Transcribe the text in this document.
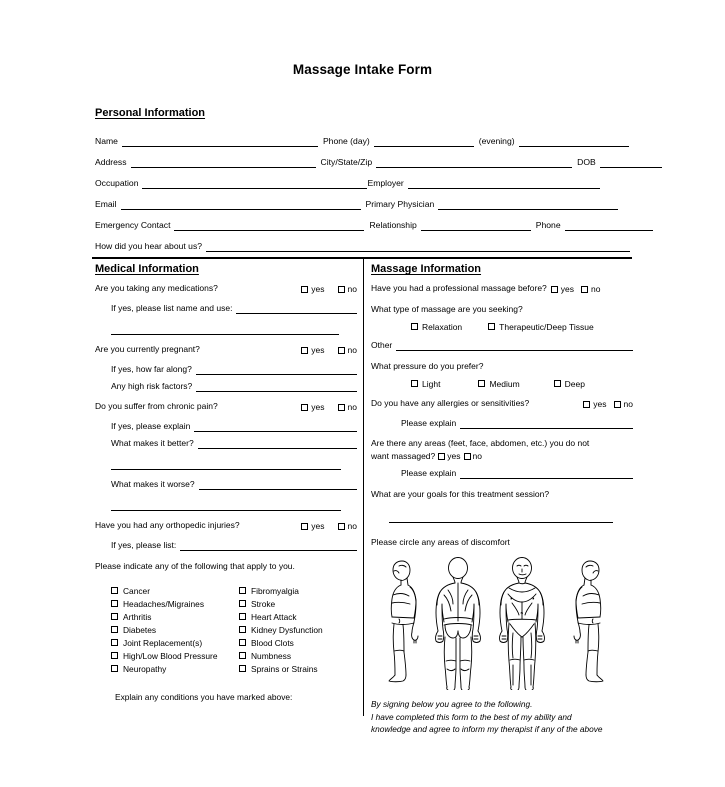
Massage Intake Form
Personal Information
Name	Phone (day)	(evening)
Address	City/State/Zip	DOB
Occupation	Employer
Email	Primary Physician
Emergency Contact	Relationship	Phone
How did you hear about us?
Medical Information
Are you taking any medications?	yes	no
If yes, please list name and use:
Are you currently pregnant?	yes	no
If yes, how far along?
Any high risk factors?
Do you suffer from chronic pain?	yes	no
If yes, please explain
What makes it better?
What makes it worse?
Have you had any orthopedic injuries?	yes	no
If yes, please list:
Please indicate any of the following that apply to you.
Cancer	Fibromyalgia
Headaches/Migraines	Stroke
Arthritis	Heart Attack
Diabetes	Kidney Dysfunction
Joint Replacement(s)	Blood Clots
High/Low Blood Pressure	Numbness
Neuropathy	Sprains or Strains
Explain any conditions you have marked above:
Massage Information
Have you had a professional massage before?	yes no
What type of massage are you seeking?
Relaxation	Therapeutic/Deep Tissue
Other
What pressure do you prefer?
Light	Medium	Deep
Do you have any allergies or sensitivities?	yes no
Please explain
Are there any areas (feet, face, abdomen, etc.) you do not
want massaged? yes no
Please explain
What are your goals for this treatment session?
Please circle any areas of discomfort
By signing below you agree to the following.
I have completed this form to the best of my ability and
knowledge and agree to inform my therapist if any of the above
